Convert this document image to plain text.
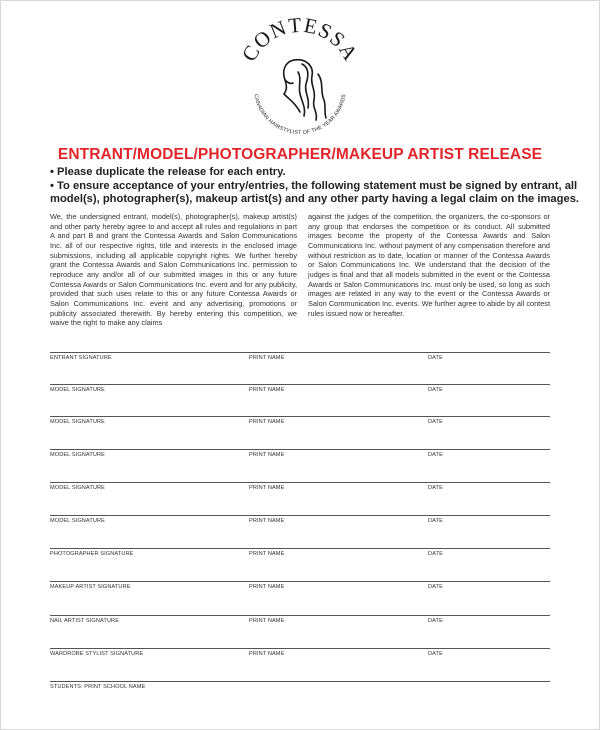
CONTESSA
CANADIAN HAIRSTYLIST OF THE YEAR AWARDS
ENTRANT/MODEL/PHOTOGRAPHER/MAKEUP ARTIST RELEASE
• Please duplicate the release for each entry.
• To ensure acceptance of your entry/entries, the following statement must be signed by entrant, all
model(s), photographer(s), makeup artist(s) and any other party having a legal claim on the images.
We, the undersigned entrant, model(s), photographer(s), makeup artist(s) and other party hereby agree to and accept all rules and regulations in part A and part B and grant the Contessa Awards and Salon Communications Inc. all of our respective rights, title and interests in the enclosed image submissions, including all applicable copyright rights. We further hereby grant the Contessa Awards and Salon Communications Inc. permission to reproduce any and/or all of our submitted images in this or any future Contessa Awards or Salon Communications Inc. event and for any publicity, provided that such uses relate to this or any future Contessa Awards or Salon Communications Inc. event and any advertising, promotions or publicity associated therewith. By hereby entering this competition, we waive the right to make any claims
against the judges of the competition, the organizers, the co-sponsors or any group that endorses the competition or its conduct. All submitted images become the property of the Contessa Awards and Salon Communications Inc. without payment of any compensation therefore and without restriction as to date, location or manner of the Contessa Awards or Salon Communications Inc. We understand that the decision of the judges is final and that all models submitted in the event or the Contessa Awards or Salon Communications Inc. must only be used, so long as such images are related in any way to the event or the Contessa Awards or Salon Communication Inc. events. We further agree to abide by all contest rules issued now or hereafter.
ENTRANT SIGNATURE	PRINT NAME	DATE
MODEL SIGNATURE	PRINT NAME	DATE
MODEL SIGNATURE	PRINT NAME	DATE
MODEL SIGNATURE	PRINT NAME	DATE
MODEL SIGNATURE	PRINT NAME	DATE
MODEL SIGNATURE	PRINT NAME	DATE
PHOTOGRAPHER SIGNATURE	PRINT NAME	DATE
MAKEUP ARTIST SIGNATURE	PRINT NAME	DATE
NAIL ARTIST SIGNATURE	PRINT NAME	DATE
WARDROBE STYLIST SIGNATURE	PRINT NAME	DATE
STUDENTS: PRINT SCHOOL NAME
